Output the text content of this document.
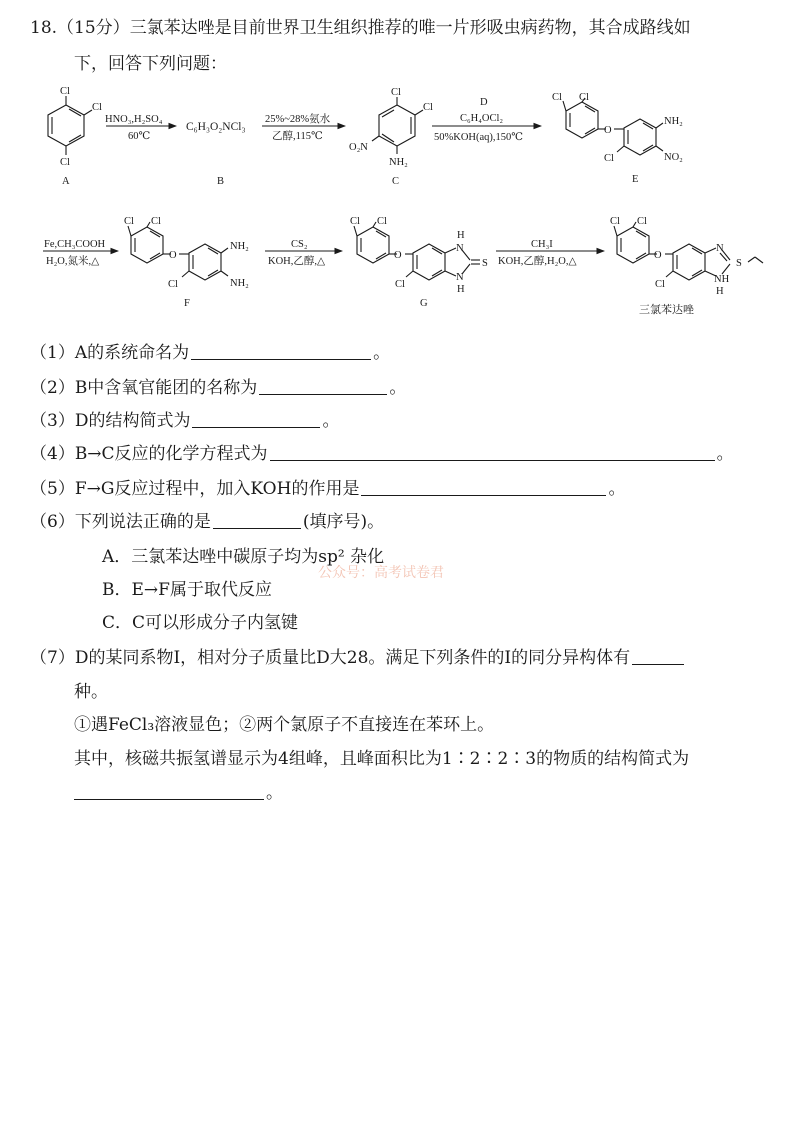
18.（15分）三氯苯达唑是目前世界卫生组织推荐的唯一片形吸虫病药物，其合成路线如
下，回答下列问题：
Cl
Cl
Cl
A
HNO₃,H₂SO₄
60℃
C₆H₃O₂NCl₃
B
25%~28%氨水
乙醇,115℃
Cl
Cl
O₂N
NH₂
C
D
C₆H₄OCl₂
50%KOH(aq),150℃
Cl Cl
O
NH₂
NO₂
Cl
E
Fe,CH₃COOH
H₂O,氮米,△
Cl Cl
O
NH₂
NH₂
Cl
F
CS₂
KOH,乙醇,△
Cl Cl
O
H
N
N
H
S
Cl
G
CH₃I
KOH,乙醇,H₂O,△
Cl Cl
O
N
NH
H
S
Cl
三氯苯达唑
（1）A的系统命名为	。
（2）B中含氧官能团的名称为	。
（3）D的结构简式为	。
（4）B→C反应的化学方程式为	。
（5）F→G反应过程中，加入KOH的作用是	。
（6）下列说法正确的是	(填序号)。
A．三氯苯达唑中碳原子均为sp² 杂化
公众号：高考试卷君
B．E→F属于取代反应
C．C可以形成分子内氢键
（7）D的某同系物I，相对分子质量比D大28。满足下列条件的I的同分异构体有
种。
①遇FeCl₃溶液显色；②两个氯原子不直接连在苯环上。
其中，核磁共振氢谱显示为4组峰，且峰面积比为1∶2∶2∶3的物质的结构简式为
。
